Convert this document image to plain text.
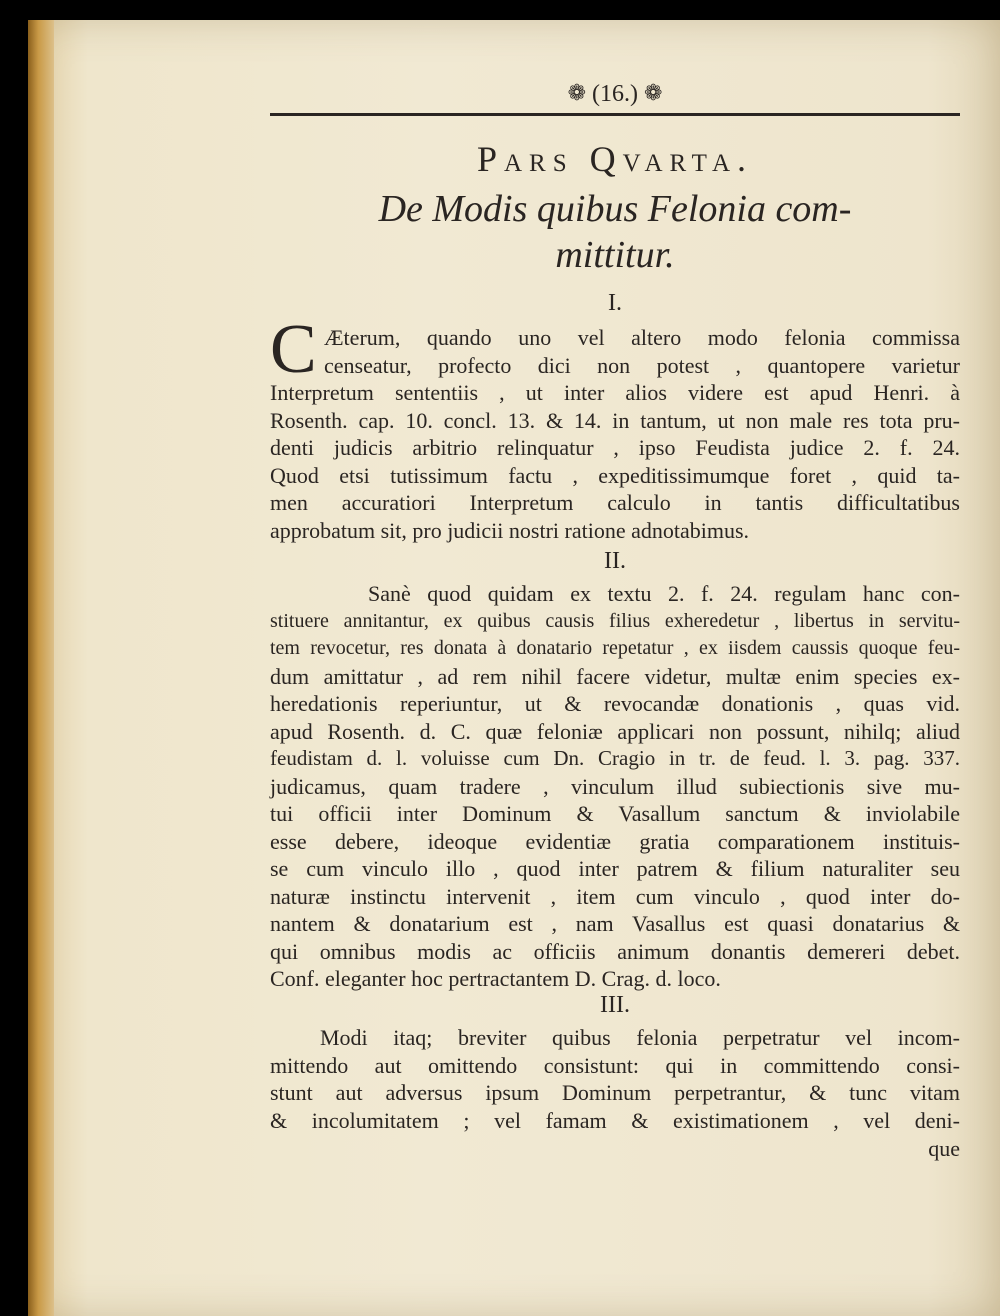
❁ (16.) ❁
Pars Qvarta.
De Modis quibus Felonia com-
mittitur.
I.
C Æterum, quando uno vel altero modo felonia commissa
censeatur, profecto dici non potest , quantopere varietur
Interpretum sententiis , ut inter alios videre est apud Henri. à
Rosenth. cap. 10. concl. 13. & 14. in tantum, ut non male res tota pru-
denti judicis arbitrio relinquatur , ipso Feudista judice 2. f. 24.
Quod etsi tutissimum factu , expeditissimumque foret , quid ta-
men accuratiori Interpretum calculo in tantis difficultatibus
approbatum sit, pro judicii nostri ratione adnotabimus.
II.
Sanè quod quidam ex textu 2. f. 24. regulam hanc con-
stituere annitantur, ex quibus causis filius exheredetur , libertus in servitu-
tem revocetur, res donata à donatario repetatur , ex iisdem caussis quoque feu-
dum amittatur , ad rem nihil facere videtur, multæ enim species ex-
heredationis reperiuntur, ut & revocandæ donationis , quas vid.
apud Rosenth. d. C. quæ feloniæ applicari non possunt, nihilq; aliud
feudistam d. l. voluisse cum Dn. Cragio in tr. de feud. l. 3. pag. 337.
judicamus, quam tradere , vinculum illud subiectionis sive mu-
tui officii inter Dominum & Vasallum sanctum & inviolabile
esse debere, ideoque evidentiæ gratia comparationem instituis-
se cum vinculo illo , quod inter patrem & filium naturaliter seu
naturæ instinctu intervenit , item cum vinculo , quod inter do-
nantem & donatarium est , nam Vasallus est quasi donatarius &
qui omnibus modis ac officiis animum donantis demereri debet.
Conf. eleganter hoc pertractantem D. Crag. d. loco.
III.
Modi itaq; breviter quibus felonia perpetratur vel incom-
mittendo aut omittendo consistunt: qui in committendo consi-
stunt aut adversus ipsum Dominum perpetrantur, & tunc vitam
& incolumitatem ; vel famam & existimationem , vel deni-
que
